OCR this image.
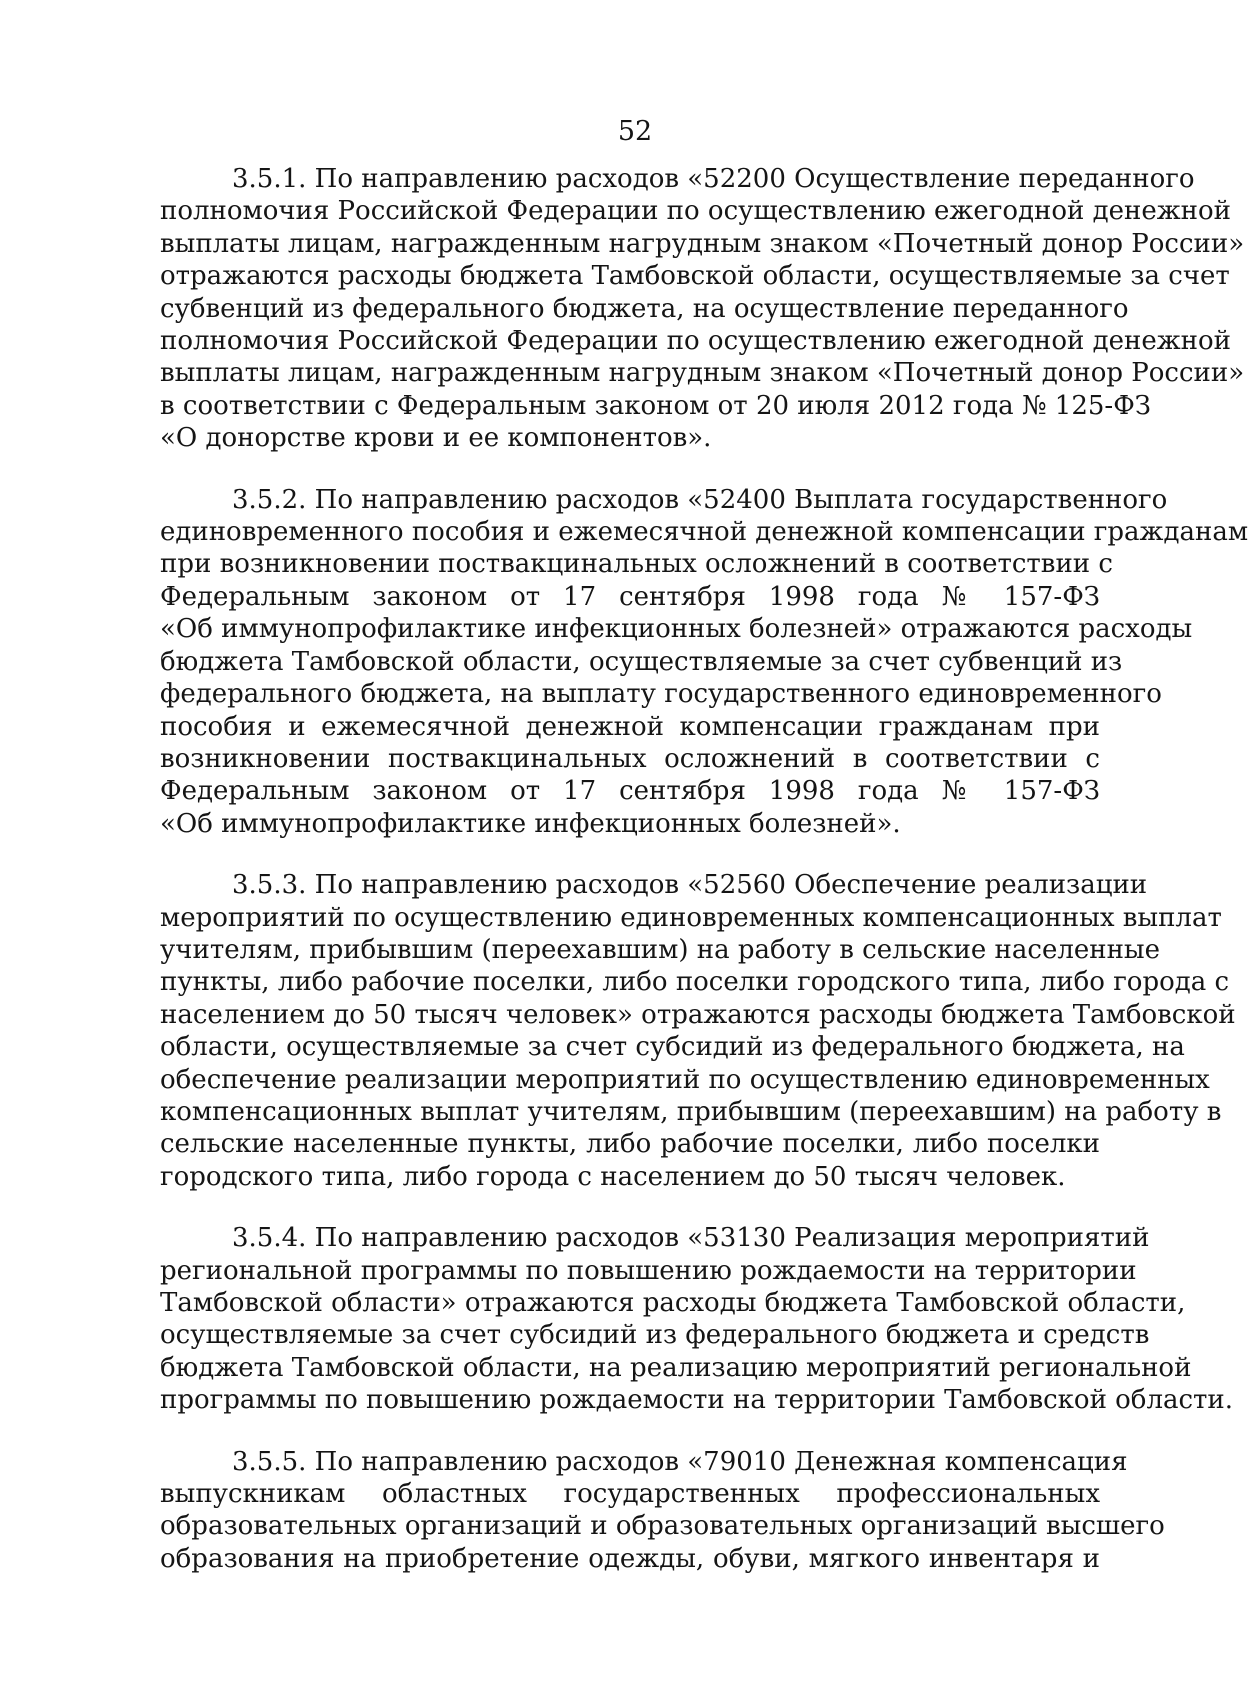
52

3.5.1. По направлению расходов «52200 Осуществление переданного
полномочия Российской Федерации по осуществлению ежегодной денежной
выплаты лицам, награжденным нагрудным знаком «Почетный донор России»
отражаются расходы бюджета Тамбовской области, осуществляемые за счет
субвенций из федерального бюджета, на осуществление переданного
полномочия Российской Федерации по осуществлению ежегодной денежной
выплаты лицам, награжденным нагрудным знаком «Почетный донор России»
в соответствии с Федеральным законом от 20 июля 2012 года № 125-ФЗ
«О донорстве крови и ее компонентов».

3.5.2. По направлению расходов «52400 Выплата государственного
единовременного пособия и ежемесячной денежной компенсации гражданам
при возникновении поствакцинальных осложнений в соответствии с
Федеральным законом от 17 сентября 1998 года № 157-ФЗ
«Об иммунопрофилактике инфекционных болезней» отражаются расходы
бюджета Тамбовской области, осуществляемые за счет субвенций из
федерального бюджета, на выплату государственного единовременного
пособия и ежемесячной денежной компенсации гражданам при
возникновении поствакцинальных осложнений в соответствии с
Федеральным законом от 17 сентября 1998 года № 157-ФЗ
«Об иммунопрофилактике инфекционных болезней».

3.5.3. По направлению расходов «52560 Обеспечение реализации
мероприятий по осуществлению единовременных компенсационных выплат
учителям, прибывшим (переехавшим) на работу в сельские населенные
пункты, либо рабочие поселки, либо поселки городского типа, либо города с
населением до 50 тысяч человек» отражаются расходы бюджета Тамбовской
области, осуществляемые за счет субсидий из федерального бюджета, на
обеспечение реализации мероприятий по осуществлению единовременных
компенсационных выплат учителям, прибывшим (переехавшим) на работу в
сельские населенные пункты, либо рабочие поселки, либо поселки
городского типа, либо города с населением до 50 тысяч человек.

3.5.4. По направлению расходов «53130 Реализация мероприятий
региональной программы по повышению рождаемости на территории
Тамбовской области» отражаются расходы бюджета Тамбовской области,
осуществляемые за счет субсидий из федерального бюджета и средств
бюджета Тамбовской области, на реализацию мероприятий региональной
программы по повышению рождаемости на территории Тамбовской области.

3.5.5. По направлению расходов «79010 Денежная компенсация
выпускникам областных государственных профессиональных
образовательных организаций и образовательных организаций высшего
образования на приобретение одежды, обуви, мягкого инвентаря и
